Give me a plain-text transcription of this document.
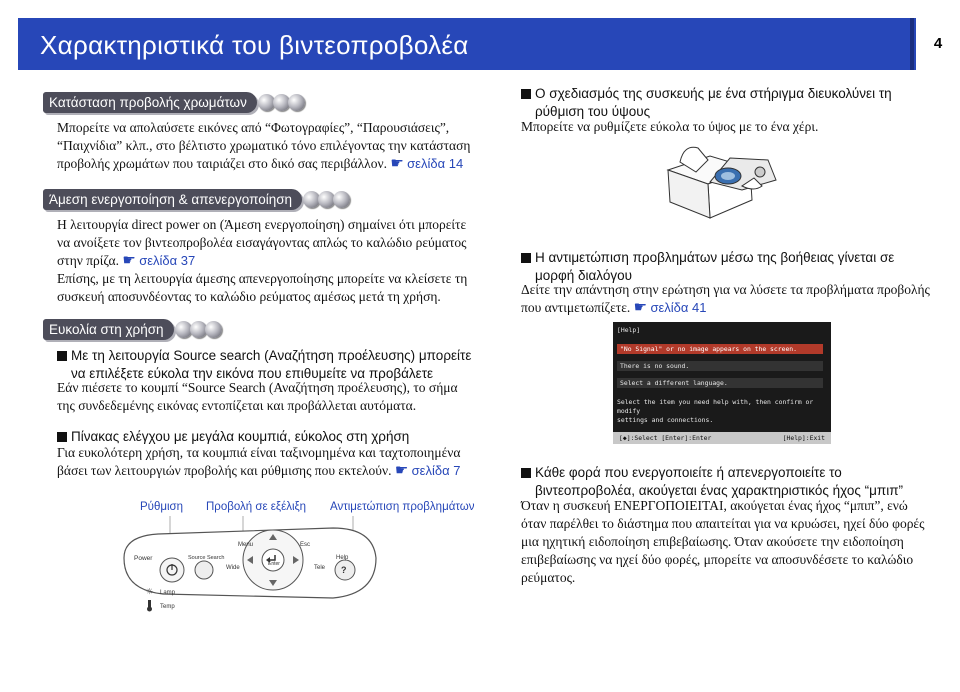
Χαρακτηριστικά του βιντεοπροβολέα	4
Κατάσταση προβολής χρωμάτων
Μπορείτε να απολαύσετε εικόνες από “Φωτογραφίες”, “Παρουσιάσεις”, “Παιχνίδια” κλπ., στο βέλτιστο χρωματικό τόνο επιλέγοντας την κατάσταση προβολής χρωμάτων που ταιριάζει στο δικό σας περιβάλλον. ☛ σελίδα 14
Άμεση ενεργοποίηση & απενεργοποίηση
Η λειτουργία direct power on (Άμεση ενεργοποίηση) σημαίνει ότι μπορείτε να ανοίξετε τον βιντεοπροβολέα εισαγάγοντας απλώς το καλώδιο ρεύματος στην πρίζα. ☛ σελίδα 37
Επίσης, με τη λειτουργία άμεσης απενεργοποίησης μπορείτε να κλείσετε τη συσκευή αποσυνδέοντας το καλώδιο ρεύματος αμέσως μετά τη χρήση.
Ευκολία στη χρήση
Με τη λειτουργία Source search (Αναζήτηση προέλευσης) μπορείτε να επιλέξετε εύκολα την εικόνα που επιθυμείτε να προβάλετε
Εάν πιέσετε το κουμπί “Source Search (Αναζήτηση προέλευσης), το σήμα της συνδεδεμένης εικόνας εντοπίζεται και προβάλλεται αυτόματα.
Πίνακας ελέγχου με μεγάλα κουμπιά, εύκολος στη χρήση
Για ευκολότερη χρήση, τα κουμπιά είναι ταξινομημένα και ταχτοποιημένα βάσει των λειτουργιών προβολής και ρύθμισης που εκτελούν. ☛ σελίδα 7
Ρύθμιση Προβολή σε εξέλιξη Αντιμετώπιση προβλημάτων
Power	Source Search
Menu	Esc
Wide
Enter
Tele ?
Help
☼ Lamp
Temp
Ο σχεδιασμός της συσκευής με ένα στήριγμα διευκολύνει τη ρύθμιση του ύψους
Μπορείτε να ρυθμίζετε εύκολα το ύψος με το ένα χέρι.
Η αντιμετώπιση προβλημάτων μέσω της βοήθειας γίνεται σε μορφή διαλόγου
Δείτε την απάντηση στην ερώτηση για να λύσετε τα προβλήματα προβολής που αντιμετωπίζετε. ☛ σελίδα 41
[Help]
"No Signal" or no image appears on the screen.
There is no sound.
Select a different language.
Select the item you need help with, then confirm or modify
settings and connections.
[◆]:Select [Enter]:Enter	[Help]:Exit
Κάθε φορά που ενεργοποιείτε ή απενεργοποιείτε το βιντεοπροβολέα, ακούγεται ένας χαρακτηριστικός ήχος “μπιπ”
Όταν η συσκευή ΕΝΕΡΓΟΠΟΙΕΙΤΑΙ, ακούγεται ένας ήχος “μπιπ”, ενώ όταν παρέλθει το διάστημα που απαιτείται για να κρυώσει, ηχεί δύο φορές μια ηχητική ειδοποίηση επιβεβαίωσης. Όταν ακούσετε την ειδοποίηση επιβεβαίωσης να ηχεί δύο φορές, μπορείτε να αποσυνδέσετε το καλώδιο ρεύματος.
